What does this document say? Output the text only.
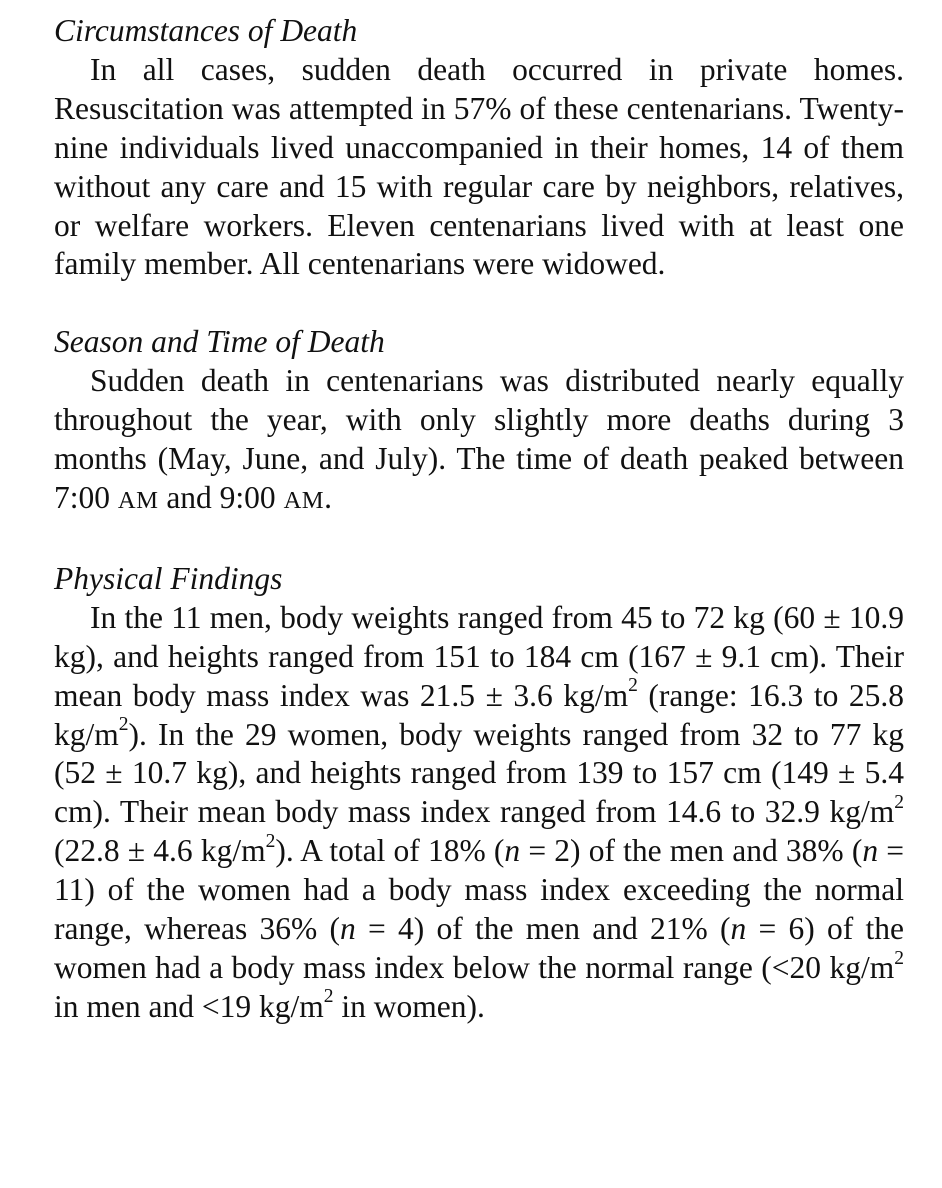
Circumstances of Death

In all cases, sudden death occurred in private homes. Resuscitation was attempted in 57% of these centenarians. Twenty-nine individuals lived unaccompanied in their homes, 14 of them without any care and 15 with regular care by neighbors, relatives, or welfare workers. Eleven centenarians lived with at least one family member. All centenarians were widowed.

Season and Time of Death

Sudden death in centenarians was distributed nearly equally throughout the year, with only slightly more deaths during 3 months (May, June, and July). The time of death peaked between 7:00 AM and 9:00 AM.

Physical Findings

In the 11 men, body weights ranged from 45 to 72 kg (60 ± 10.9 kg), and heights ranged from 151 to 184 cm (167 ± 9.1 cm). Their mean body mass index was 21.5 ± 3.6 $kg/m^2$ (range: 16.3 to 25.8 $kg/m^2$). In the 29 women, body weights ranged from 32 to 77 kg (52 ± 10.7 kg), and heights ranged from 139 to 157 cm (149 ± 5.4 cm). Their mean body mass index ranged from 14.6 to 32.9 $kg/m^2$ (22.8 ± 4.6 $kg/m^2$). A total of 18% (n = 2) of the men and 38% (n = 11) of the women had a body mass index exceeding the normal range, whereas 36% (n = 4) of the men and 21% (n = 6) of the women had a body mass index below the normal range (<20 $kg/m^2$ in men and <19 $kg/m^2$ in women).
